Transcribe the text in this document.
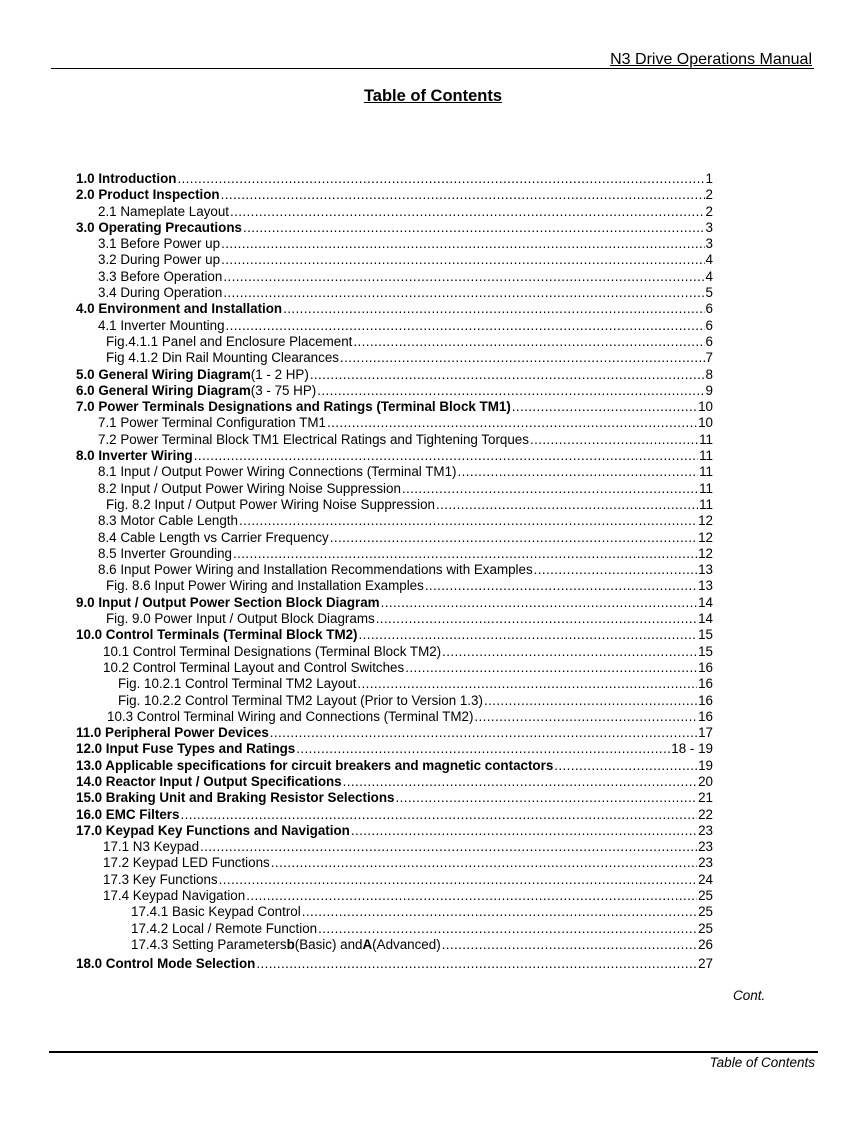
N3 Drive Operations Manual
Table of Contents
1.0 Introduction .....	1
2.0 Product Inspection .....	2
2.1 Nameplate Layout .....	2
3.0 Operating Precautions .....	3
3.1 Before Power up .....	3
3.2 During Power up .....	4
3.3 Before Operation .....	4
3.4 During Operation .....	5
4.0 Environment and Installation .....	6
4.1 Inverter Mounting .....	6
Fig.4.1.1 Panel and Enclosure Placement .....	6
Fig 4.1.2 Din Rail Mounting Clearances .....	7
5.0 General Wiring Diagram (1 - 2 HP) .....	8
6.0 General Wiring Diagram (3 - 75 HP) .....	9
7.0 Power Terminals Designations and Ratings (Terminal Block TM1) .....	10
7.1 Power Terminal Configuration TM1 .....	10
7.2 Power Terminal Block TM1 Electrical Ratings and Tightening Torques .....	11
8.0 Inverter Wiring .....	11
8.1 Input / Output Power Wiring Connections (Terminal TM1) .....	11
8.2 Input / Output Power Wiring Noise Suppression .....	11
Fig. 8.2 Input / Output Power Wiring Noise Suppression .....	11
8.3 Motor Cable Length .....	12
8.4 Cable Length vs Carrier Frequency .....	12
8.5 Inverter Grounding .....	12
8.6 Input Power Wiring and Installation Recommendations with Examples .....	13
Fig. 8.6 Input Power Wiring and Installation Examples .....	13
9.0 Input / Output Power Section Block Diagram .....	14
Fig. 9.0 Power Input / Output Block Diagrams .....	14
10.0 Control Terminals (Terminal Block TM2) .....	15
10.1 Control Terminal Designations (Terminal Block TM2) .....	15
10.2 Control Terminal Layout and Control Switches .....	16
Fig. 10.2.1 Control Terminal TM2 Layout .....	16
Fig. 10.2.2 Control Terminal TM2 Layout (Prior to Version 1.3) .....	16
10.3 Control Terminal Wiring and Connections (Terminal TM2) .....	16
11.0 Peripheral Power Devices .....	17
12.0 Input Fuse Types and Ratings .....	18 - 19
13.0 Applicable specifications for circuit breakers and magnetic contactors .....	19
14.0 Reactor Input / Output Specifications .....	20
15.0 Braking Unit and Braking Resistor Selections .....	21
16.0 EMC Filters .....	22
17.0 Keypad Key Functions and Navigation .....	23
17.1 N3 Keypad .....	23
17.2 Keypad LED Functions .....	23
17.3 Key Functions .....	24
17.4 Keypad Navigation .....	25
17.4.1 Basic Keypad Control .....	25
17.4.2 Local / Remote Function .....	25
17.4.3 Setting Parameters b (Basic) and A (Advanced) .....	26
18.0 Control Mode Selection .....	27
Cont.
Table of Contents
